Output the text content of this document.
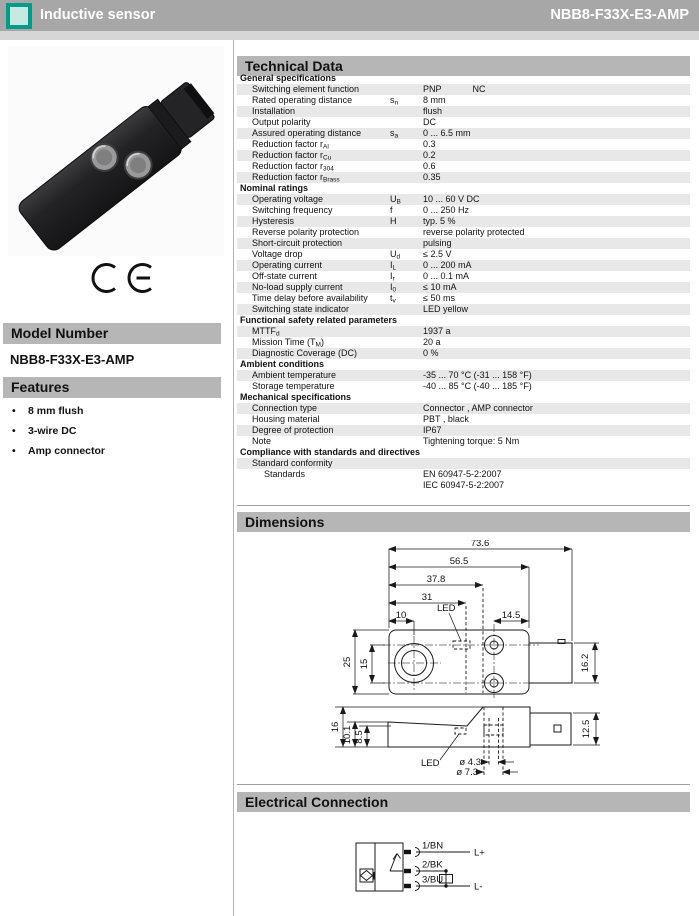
Inductive sensor	NBB8-F33X-E3-AMP
Model Number
NBB8-F33X-E3-AMP
Features
•	8 mm flush
•	3-wire DC
•	Amp connector
Technical Data
General specifications
Switching element function	PNP	NC
Rated operating distance	$s_n$	8 mm
Installation	flush
Output polarity	DC
Assured operating distance	$s_a$	0 ... 6.5 mm
Reduction factor $r_{Al}$	0.3
Reduction factor $r_{Cu}$	0.2
Reduction factor $r_{304}$	0.6
Reduction factor $r_{Brass}$	0.35
Nominal ratings
Operating voltage	$U_B$	10 ... 60 V DC
Switching frequency	f	0 ... 250 Hz
Hysteresis	H	typ. 5 %
Reverse polarity protection	reverse polarity protected
Short-circuit protection	pulsing
Voltage drop	$U_d$	≤ 2.5 V
Operating current	$I_L$	0 ... 200 mA
Off-state current	$I_r$	0 ... 0.1 mA
No-load supply current	$I_0$	≤ 10 mA
Time delay before availability	$t_v$	≤ 50 ms
Switching state indicator	LED yellow
Functional safety related parameters
$MTTF_d$	1937 a
Mission Time $(T_M)$	20 a
Diagnostic Coverage (DC)	0 %
Ambient conditions
Ambient temperature	-35 ... 70 °C (-31 ... 158 °F)
Storage temperature	-40 ... 85 °C (-40 ... 185 °F)
Mechanical specifications
Connection type	Connector , AMP connector
Housing material	PBT , black
Degree of protection	IP67
Note	Tightening torque: 5 Nm
Compliance with standards and directives
Standard conformity
Standards	EN 60947-5-2:2007
IEC 60947-5-2:2007
Dimensions
73.6
56.5
37.8
31
10	14.5
LED
25 15	16.2
16 10.1 8.5	12.5
LED ø 4.3
ø 7.3
Electrical Connection
1/BN
2/BK
3/BU
L+
L-
